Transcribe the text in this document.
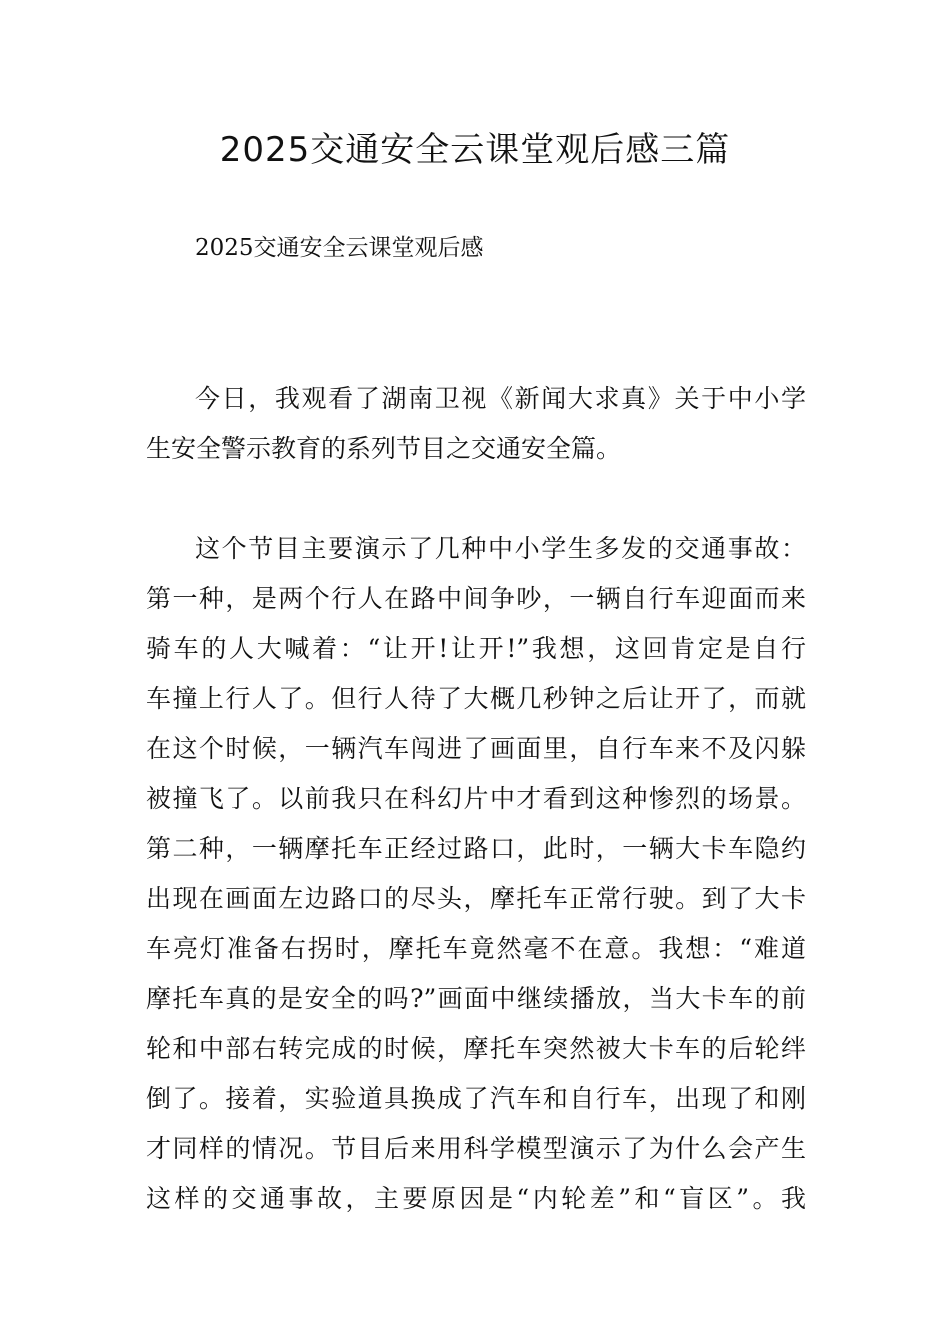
2025交通安全云课堂观后感三篇
2025交通安全云课堂观后感
今日，我观看了湖南卫视《新闻大求真》关于中小学
生安全警示教育的系列节目之交通安全篇。
这个节目主要演示了几种中小学生多发的交通事故：
第一种，是两个行人在路中间争吵，一辆自行车迎面而来
骑车的人大喊着：“让开!让开!”我想，这回肯定是自行
车撞上行人了。但行人待了大概几秒钟之后让开了，而就
在这个时候，一辆汽车闯进了画面里，自行车来不及闪躲
被撞飞了。以前我只在科幻片中才看到这种惨烈的场景。
第二种，一辆摩托车正经过路口，此时，一辆大卡车隐约
出现在画面左边路口的尽头，摩托车正常行驶。到了大卡
车亮灯准备右拐时，摩托车竟然毫不在意。我想：“难道
摩托车真的是安全的吗?”画面中继续播放，当大卡车的前
轮和中部右转完成的时候，摩托车突然被大卡车的后轮绊
倒了。接着，实验道具换成了汽车和自行车，出现了和刚
才同样的情况。节目后来用科学模型演示了为什么会产生
这样的交通事故，主要原因是“内轮差”和“盲区”。我
